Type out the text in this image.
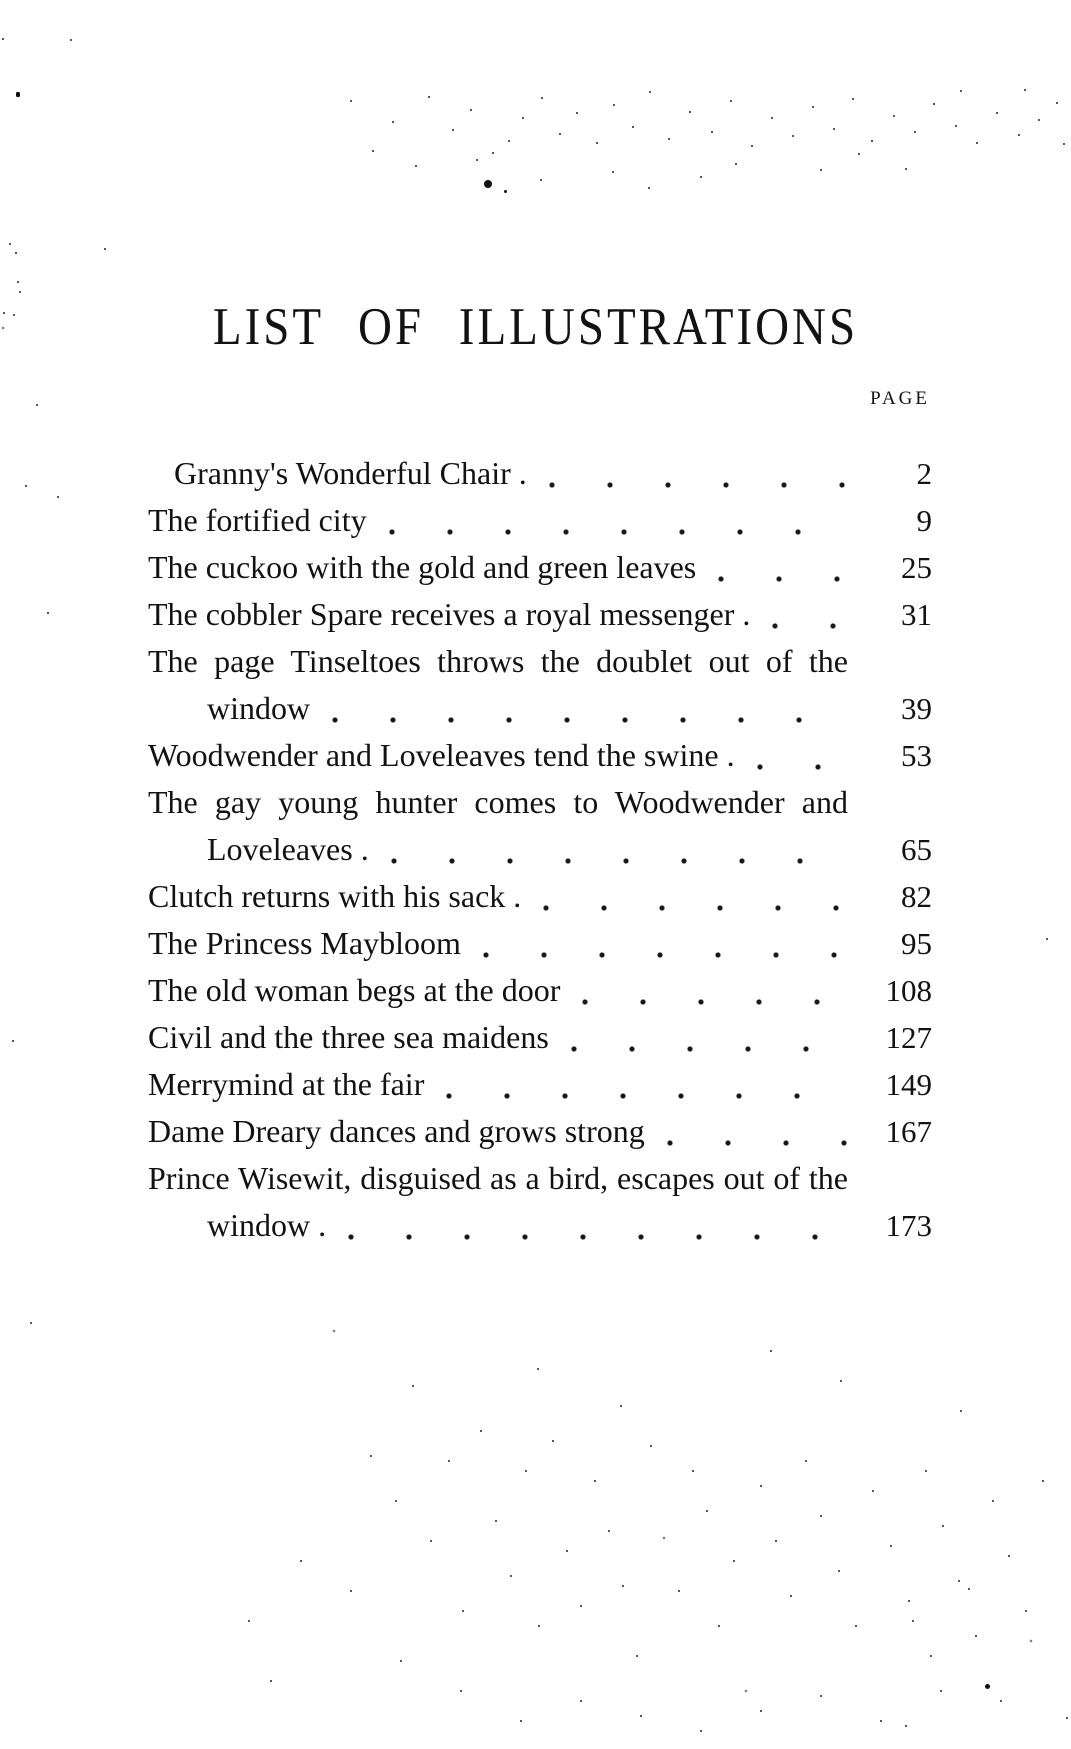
LIST OF ILLUSTRATIONS
PAGE
Granny's Wonderful Chair .	2
The fortified city	9
The cuckoo with the gold and green leaves	25
The cobbler Spare receives a royal messenger .	31
The page Tinseltoes throws the doublet out of the
window	39
Woodwender and Loveleaves tend the swine .	53
The gay young hunter comes to Woodwender and
Loveleaves .	65
Clutch returns with his sack .	82
The Princess Maybloom	95
The old woman begs at the door	108
Civil and the three sea maidens	127
Merrymind at the fair	149
Dame Dreary dances and grows strong	167
Prince Wisewit, disguised as a bird, escapes out of the
window .	173
